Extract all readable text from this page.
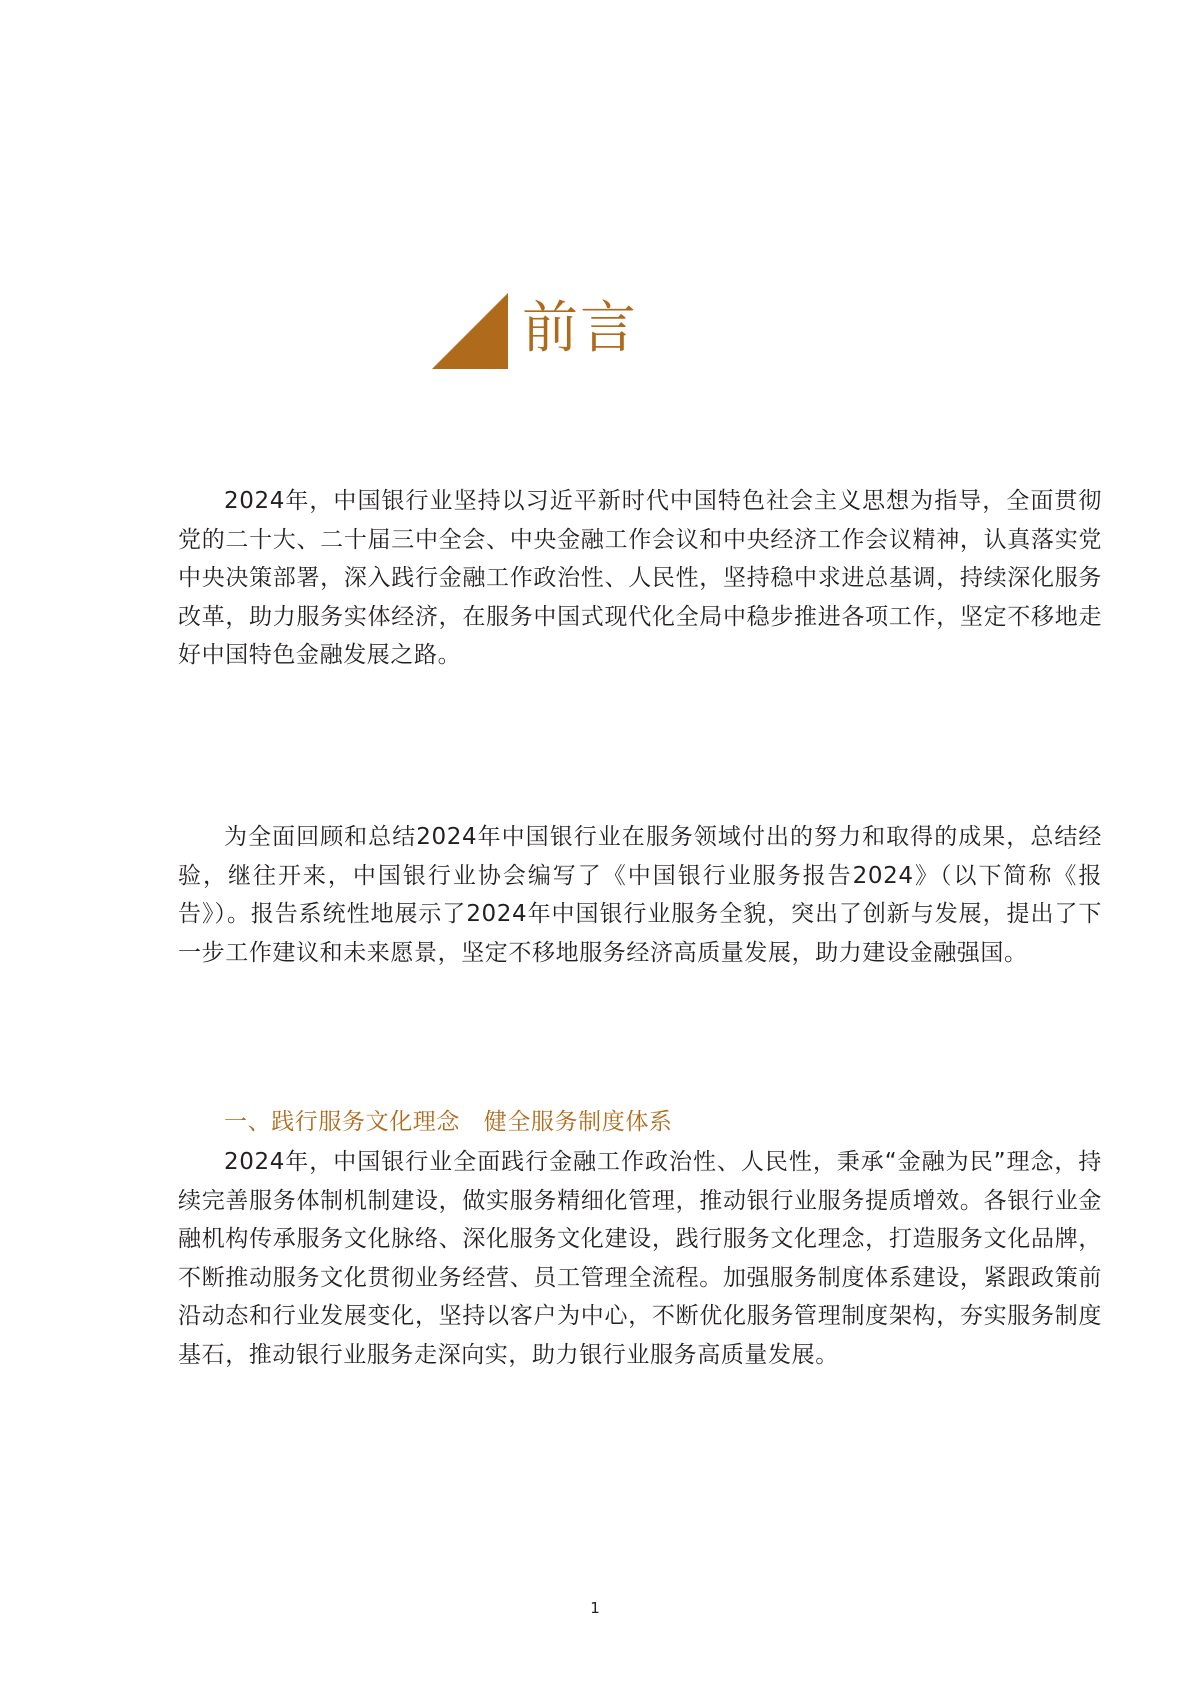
前言

2024年，中国银行业坚持以习近平新时代中国特色社会主义思想为指导，全面贯彻党的二十大、二十届三中全会、中央金融工作会议和中央经济工作会议精神，认真落实党中央决策部署，深入践行金融工作政治性、人民性，坚持稳中求进总基调，持续深化服务改革，助力服务实体经济，在服务中国式现代化全局中稳步推进各项工作，坚定不移地走好中国特色金融发展之路。

为全面回顾和总结2024年中国银行业在服务领域付出的努力和取得的成果，总结经验，继往开来，中国银行业协会编写了《中国银行业服务报告2024》（以下简称《报告》）。报告系统性地展示了2024年中国银行业服务全貌，突出了创新与发展，提出了下一步工作建议和未来愿景，坚定不移地服务经济高质量发展，助力建设金融强国。

一、践行服务文化理念   健全服务制度体系

2024年，中国银行业全面践行金融工作政治性、人民性，秉承“金融为民”理念，持续完善服务体制机制建设，做实服务精细化管理，推动银行业服务提质增效。各银行业金融机构传承服务文化脉络、深化服务文化建设，践行服务文化理念，打造服务文化品牌，不断推动服务文化贯彻业务经营、员工管理全流程。加强服务制度体系建设，紧跟政策前沿动态和行业发展变化，坚持以客户为中心，不断优化服务管理制度架构，夯实服务制度基石，推动银行业服务走深向实，助力银行业服务高质量发展。

1
